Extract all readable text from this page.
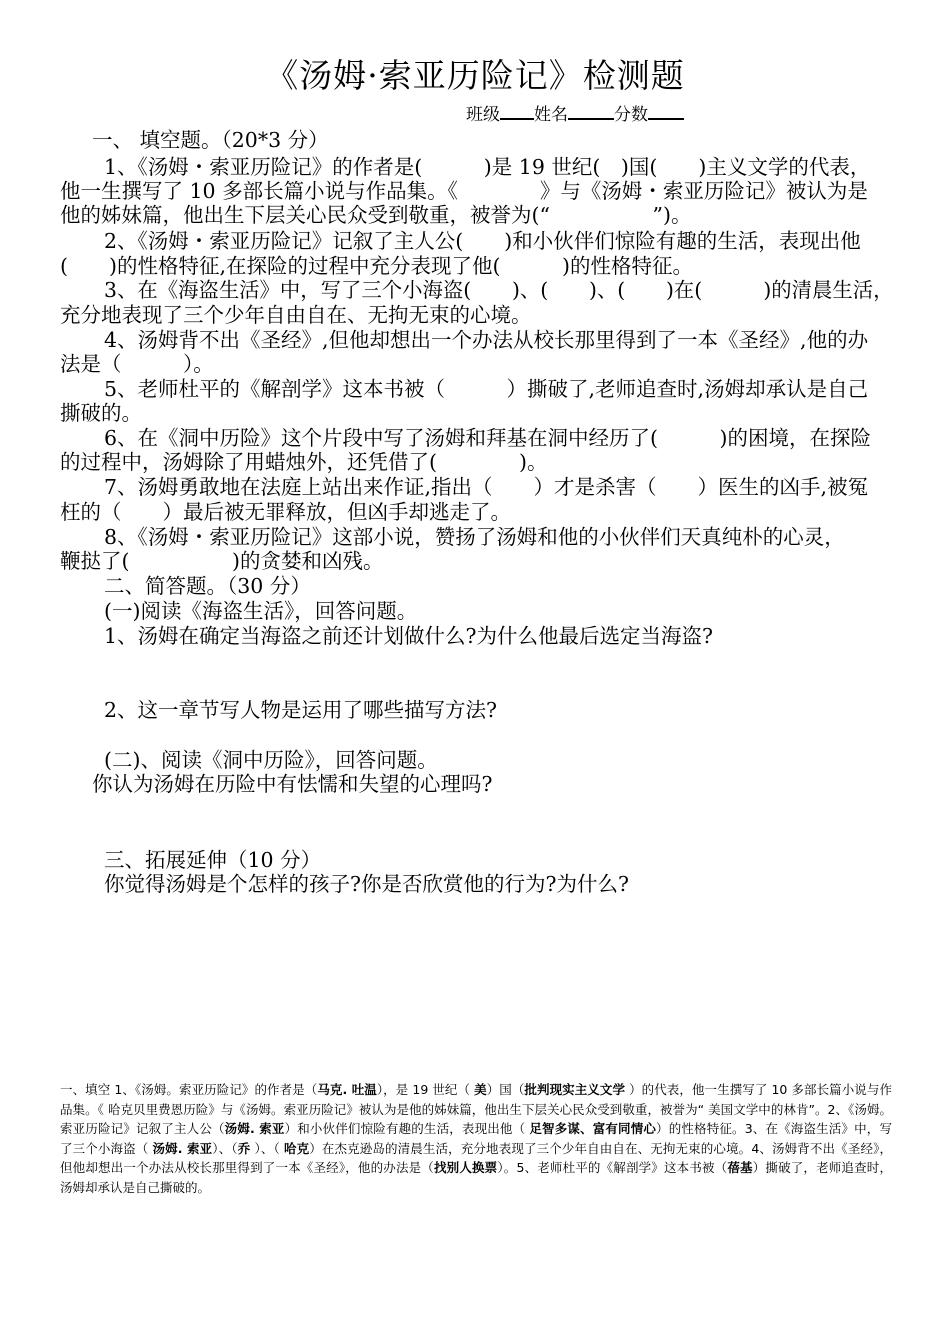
《汤姆·索亚历险记》检测题
班级 姓名	分数
一、 填空题。（20*3 分）
1、《汤姆・索亚历险记》的作者是(　　　)是 19 世纪(　)国(　　)主义文学的代表，
他一生撰写了 10 多部长篇小说与作品集。《　　　　》与《汤姆・索亚历险记》被认为是
他的姊妹篇，他出生下层关心民众受到敬重，被誉为(“　　　　　”)。
2、《汤姆・索亚历险记》记叙了主人公(　　)和小伙伴们惊险有趣的生活，表现出他
(　　)的性格特征,在探险的过程中充分表现了他(　　　)的性格特征。
3、在《海盗生活》中，写了三个小海盗(　　)、(　　)、(　　)在(　　　)的清晨生活，
充分地表现了三个少年自由自在、无拘无束的心境。
4、汤姆背不出《圣经》,但他却想出一个办法从校长那里得到了一本《圣经》,他的办
法是（　　　）。
5、老师杜平的《解剖学》这本书被（　　　）撕破了,老师追查时,汤姆却承认是自己
撕破的。
6、在《洞中历险》这个片段中写了汤姆和拜基在洞中经历了(　　　)的困境，在探险
的过程中，汤姆除了用蜡烛外，还凭借了(　　　　)。
7、汤姆勇敢地在法庭上站出来作证,指出（　　）才是杀害（　　）医生的凶手,被冤
枉的（　　）最后被无罪释放，但凶手却逃走了。
8、《汤姆・索亚历险记》这部小说，赞扬了汤姆和他的小伙伴们天真纯朴的心灵，
鞭挞了(　　　　　)的贪婪和凶残。
二、简答题。（30 分）
(一)阅读《海盗生活》，回答问题。
1、汤姆在确定当海盗之前还计划做什么?为什么他最后选定当海盗?
2、这一章节写人物是运用了哪些描写方法?
(二)、阅读《洞中历险》，回答问题。
你认为汤姆在历险中有怯懦和失望的心理吗?
三、拓展延伸（10 分）
你觉得汤姆是个怎样的孩子?你是否欣赏他的行为?为什么?
一、填空 1、《汤姆。索亚历险记》的作者是（马克. 吐温），是 19 世纪（ 美）国（批判现实主义文学 ）的代表，他一生撰写了 10 多部长篇小说与作品集。《 哈克贝里费恩历险》与《汤姆。索亚历险记》被认为是他的姊妹篇，他出生下层关心民众受到敬重，被誉为“ 美国文学中的林肯”。2、《汤姆。索亚历险记》记叙了主人公（汤姆. 索亚）和小伙伴们惊险有趣的生活，表现出他（ 足智多谋、富有同情心）的性格特征。3、在《海盗生活》中，写了三个小海盗（ 汤姆. 索亚）、（乔 ）、（ 哈克）在杰克逊岛的清晨生活，充分地表现了三个少年自由自在、无拘无束的心境。4、汤姆背不出《圣经》，但他却想出一个办法从校长那里得到了一本《圣经》，他的办法是（找别人换票）。5、老师杜平的《解剖学》这本书被（蓓基）撕破了，老师追查时，汤姆却承认是自己撕破的。
